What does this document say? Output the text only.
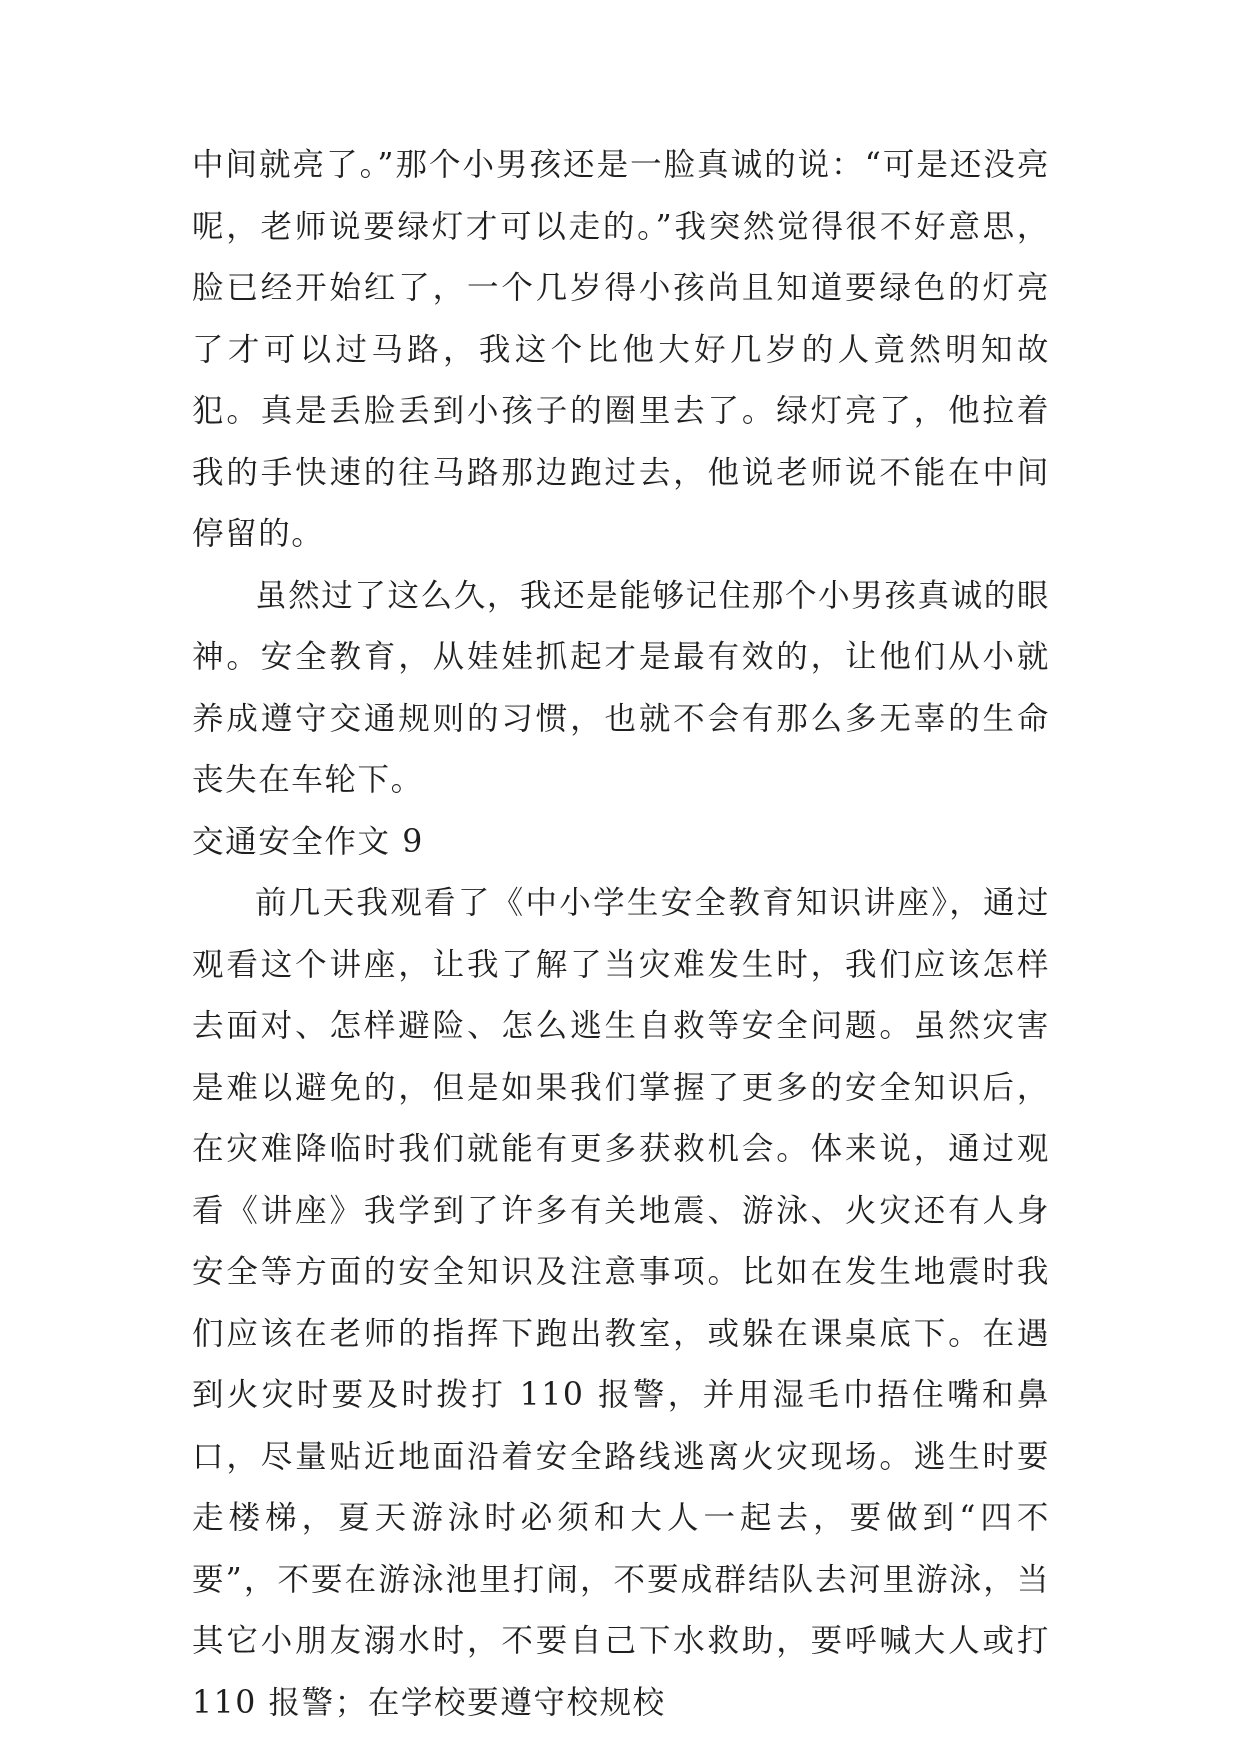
中间就亮了。”那个小男孩还是一脸真诚的说：“可是还没亮呢，老师说要绿灯才可以走的。”我突然觉得很不好意思，脸已经开始红了，一个几岁得小孩尚且知道要绿色的灯亮了才可以过马路，我这个比他大好几岁的人竟然明知故犯。真是丢脸丢到小孩子的圈里去了。绿灯亮了，他拉着我的手快速的往马路那边跑过去，他说老师说不能在中间停留的。

虽然过了这么久，我还是能够记住那个小男孩真诚的眼神。安全教育，从娃娃抓起才是最有效的，让他们从小就养成遵守交通规则的习惯，也就不会有那么多无辜的生命丧失在车轮下。

交通安全作文 9

前几天我观看了《中小学生安全教育知识讲座》，通过观看这个讲座，让我了解了当灾难发生时，我们应该怎样去面对、怎样避险、怎么逃生自救等安全问题。虽然灾害是难以避免的，但是如果我们掌握了更多的安全知识后，在灾难降临时我们就能有更多获救机会。体来说，通过观看《讲座》我学到了许多有关地震、游泳、火灾还有人身安全等方面的安全知识及注意事项。比如在发生地震时我们应该在老师的指挥下跑出教室，或躲在课桌底下。在遇到火灾时要及时拨打 110 报警，并用湿毛巾捂住嘴和鼻口，尽量贴近地面沿着安全路线逃离火灾现场。逃生时要走楼梯，夏天游泳时必须和大人一起去，要做到“四不要”，不要在游泳池里打闹，不要成群结队去河里游泳，当其它小朋友溺水时，不要自己下水救助，要呼喊大人或打 110 报警；在学校要遵守校规校
